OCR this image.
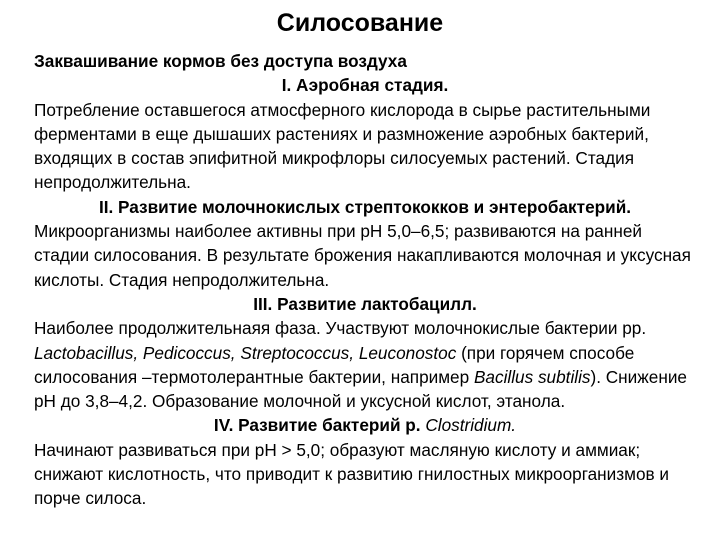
Силосование

Заквашивание кормов без доступа воздуха

I. Аэробная стадия.

Потребление оставшегося атмосферного кислорода в сырье растительными ферментами в еще дышаших растениях и размножение аэробных бактерий, входящих в состав эпифитной микрофлоры силосуемых растений. Стадия непродолжительна.

II. Развитие молочнокислых стрептококков и энтеробактерий.

Микроорганизмы наиболее активны при рН 5,0–6,5; развиваются на ранней стадии силосования. В результате брожения накапливаются молочная и уксусная кислоты. Стадия непродолжительна.

III. Развитие лактобацилл.

Наиболее продолжительнаяя фаза. Участвуют молочнокислые бактерии рр. Lactobacillus, Pedicoccus, Streptococcus, Leuconostoc (при горячем способе силосования –термотолерантные бактерии, например Bacillus subtilis). Снижение рН до 3,8–4,2. Образование молочной и уксусной кислот, этанола.

IV. Развитие бактерий р. Clostridium.

Начинают развиваться при рН > 5,0; образуют масляную кислоту и аммиак; снижают кислотность, что приводит к развитию гнилостных микроорганизмов и порче силоса.
